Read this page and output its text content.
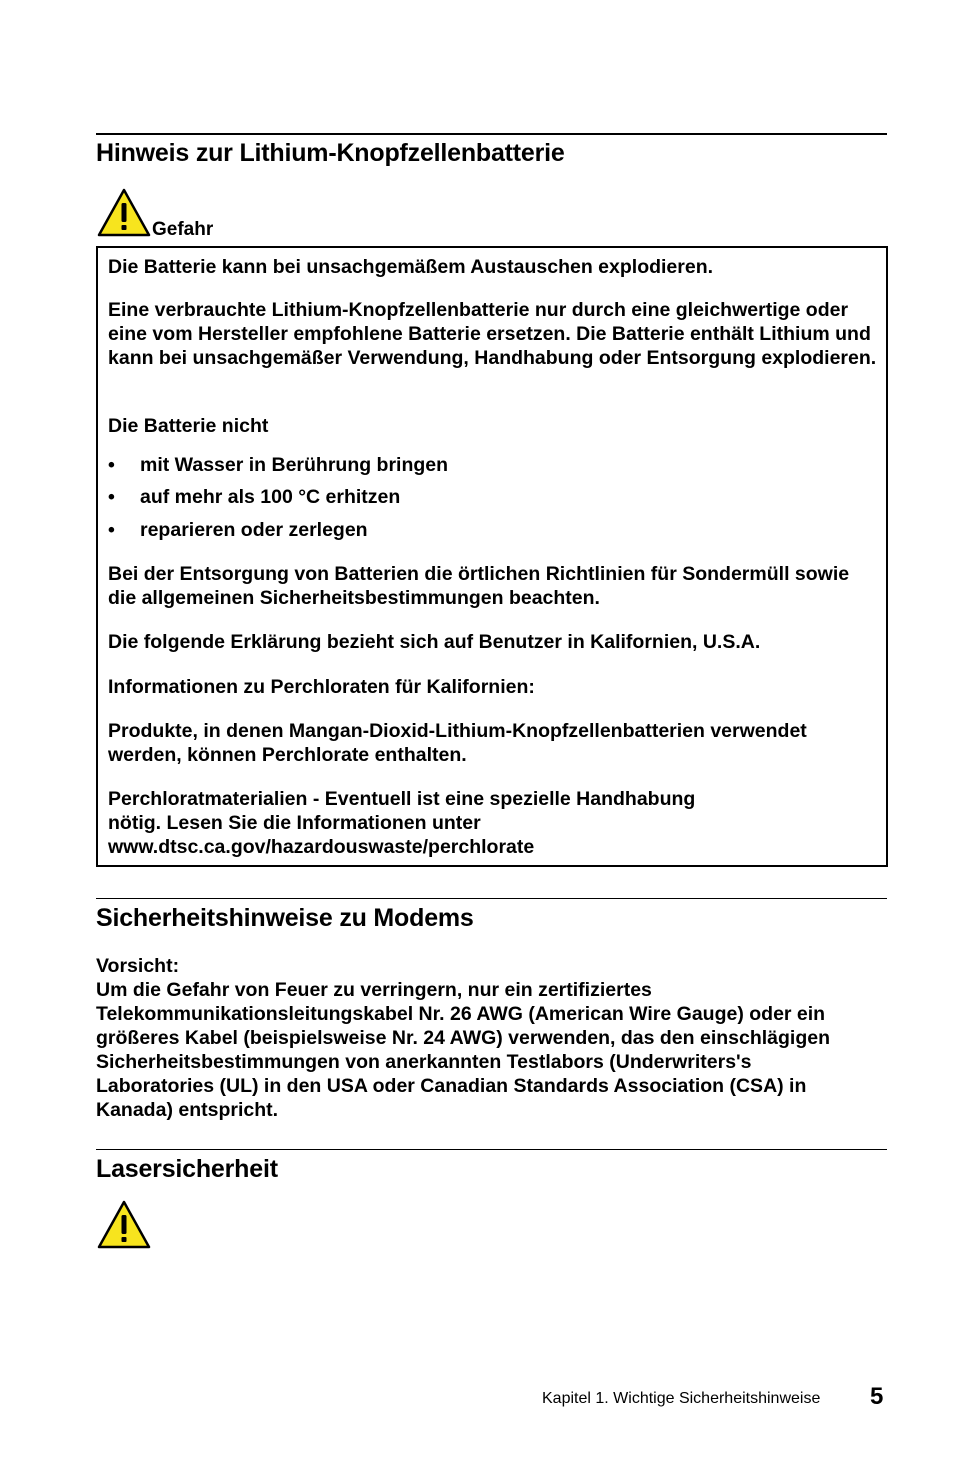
Hinweis zur Lithium-Knopfzellenbatterie
Gefahr

Die Batterie kann bei unsachgemäßem Austauschen explodieren.

Eine verbrauchte Lithium-Knopfzellenbatterie nur durch eine gleichwertige oder eine vom Hersteller empfohlene Batterie ersetzen. Die Batterie enthält Lithium und kann bei unsachgemäßer Verwendung, Handhabung oder Entsorgung explodieren.

Die Batterie nicht

• mit Wasser in Berührung bringen
• auf mehr als 100 °C erhitzen
• reparieren oder zerlegen

Bei der Entsorgung von Batterien die örtlichen Richtlinien für Sondermüll sowie die allgemeinen Sicherheitsbestimmungen beachten.

Die folgende Erklärung bezieht sich auf Benutzer in Kalifornien, U.S.A.

Informationen zu Perchloraten für Kalifornien:

Produkte, in denen Mangan-Dioxid-Lithium-Knopfzellenbatterien verwendet werden, können Perchlorate enthalten.

Perchloratmaterialien - Eventuell ist eine spezielle Handhabung nötig. Lesen Sie die Informationen unter www.dtsc.ca.gov/hazardouswaste/perchlorate

Sicherheitshinweise zu Modems

Vorsicht:

Um die Gefahr von Feuer zu verringern, nur ein zertifiziertes Telekommunikationsleitungskabel Nr. 26 AWG (American Wire Gauge) oder ein größeres Kabel (beispielsweise Nr. 24 AWG) verwenden, das den einschlägigen Sicherheitsbestimmungen von anerkannten Testlabors (Underwriters's Laboratories (UL) in den USA oder Canadian Standards Association (CSA) in Kanada) entspricht.

Lasersicherheit
Kapitel 1. Wichtige Sicherheitshinweise 5
